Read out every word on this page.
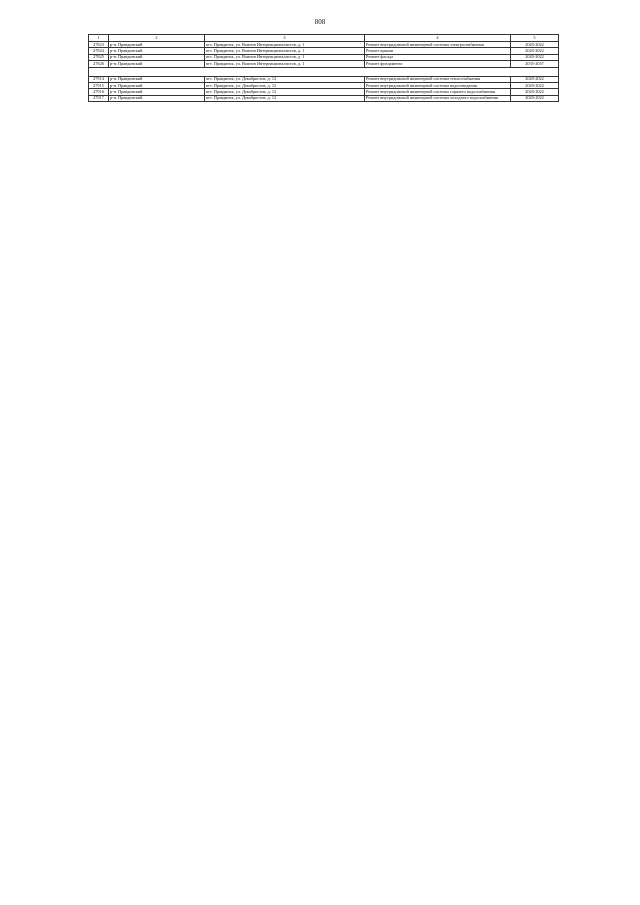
808
1	2	3	4	5
27823	р-н. Правдинский	пгт. Правдинск, ул. Воинов Интернационалистов, д. 1	Ремонт внутридомовой инженерной системы электроснабжения	2020-2022
27824	р-н. Правдинский	пгт. Правдинск, ул. Воинов Интернационалистов, д. 1	Ремонт крыши	2020-2022
27825	р-н. Правдинский	пгт. Правдинск, ул. Воинов Интернационалистов, д. 1	Ремонт фасада	2020-2022
27826	р-н. Правдинский	пгт. Правдинск, ул. Воинов Интернационалистов, д. 1	Ремонт фундамента	2035-2037

27914	р-н. Правдинский	пгт. Правдинск, ул. Декабристов, д. 12	Ремонт внутридомовой инженерной системы теплоснабжения	2020-2022
27915	р-н. Правдинский	пгт. Правдинск, ул. Декабристов, д. 12	Ремонт внутридомовой инженерной системы водоотведения	2020-2022
27916	р-н. Правдинский	пгт. Правдинск, ул. Декабристов, д. 12	Ремонт внутридомовой инженерной системы горячего водоснабжения	2020-2022
27917	р-н. Правдинский	пгт. Правдинск, ул. Декабристов, д. 12	Ремонт внутридомовой инженерной системы холодного водоснабжения	2020-2022
